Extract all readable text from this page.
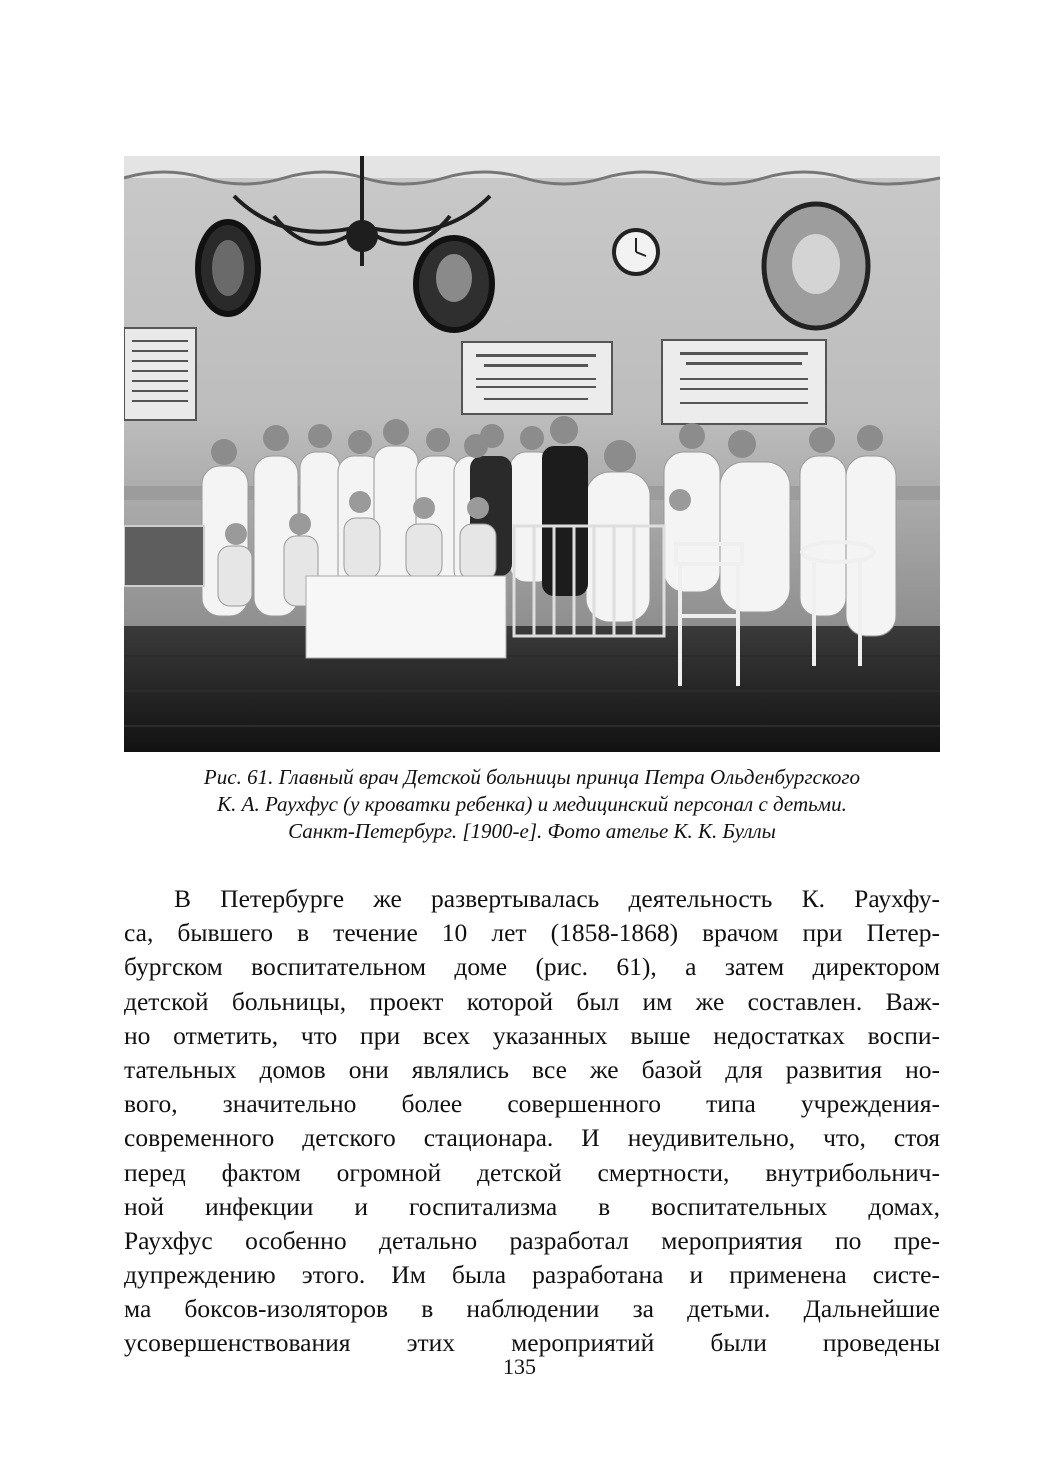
Рис. 61. Главный врач Детской больницы принца Петра Ольденбургского
К. А. Раухфус (у кроватки ребенка) и медицинский персонал с детьми.
Санкт-Петербург. [1900-е]. Фото ателье К. К. Буллы
В Петербурге же развертывалась деятельность К. Раухфу-
са, бывшего в течение 10 лет (1858-1868) врачом при Петер-
бургском воспитательном доме (рис. 61), а затем директором
детской больницы, проект которой был им же составлен. Важ-
но отметить, что при всех указанных выше недостатках воспи-
тательных домов они являлись все же базой для развития но-
вого, значительно более совершенного типа учреждения-
современного детского стационара. И неудивительно, что, стоя
перед фактом огромной детской смертности, внутрибольнич-
ной инфекции и госпитализма в воспитательных домах,
Раухфус особенно детально разработал мероприятия по пре-
дупреждению этого. Им была разработана и применена систе-
ма боксов-изоляторов в наблюдении за детьми. Дальнейшие
усовершенствования этих мероприятий были проведены
135
